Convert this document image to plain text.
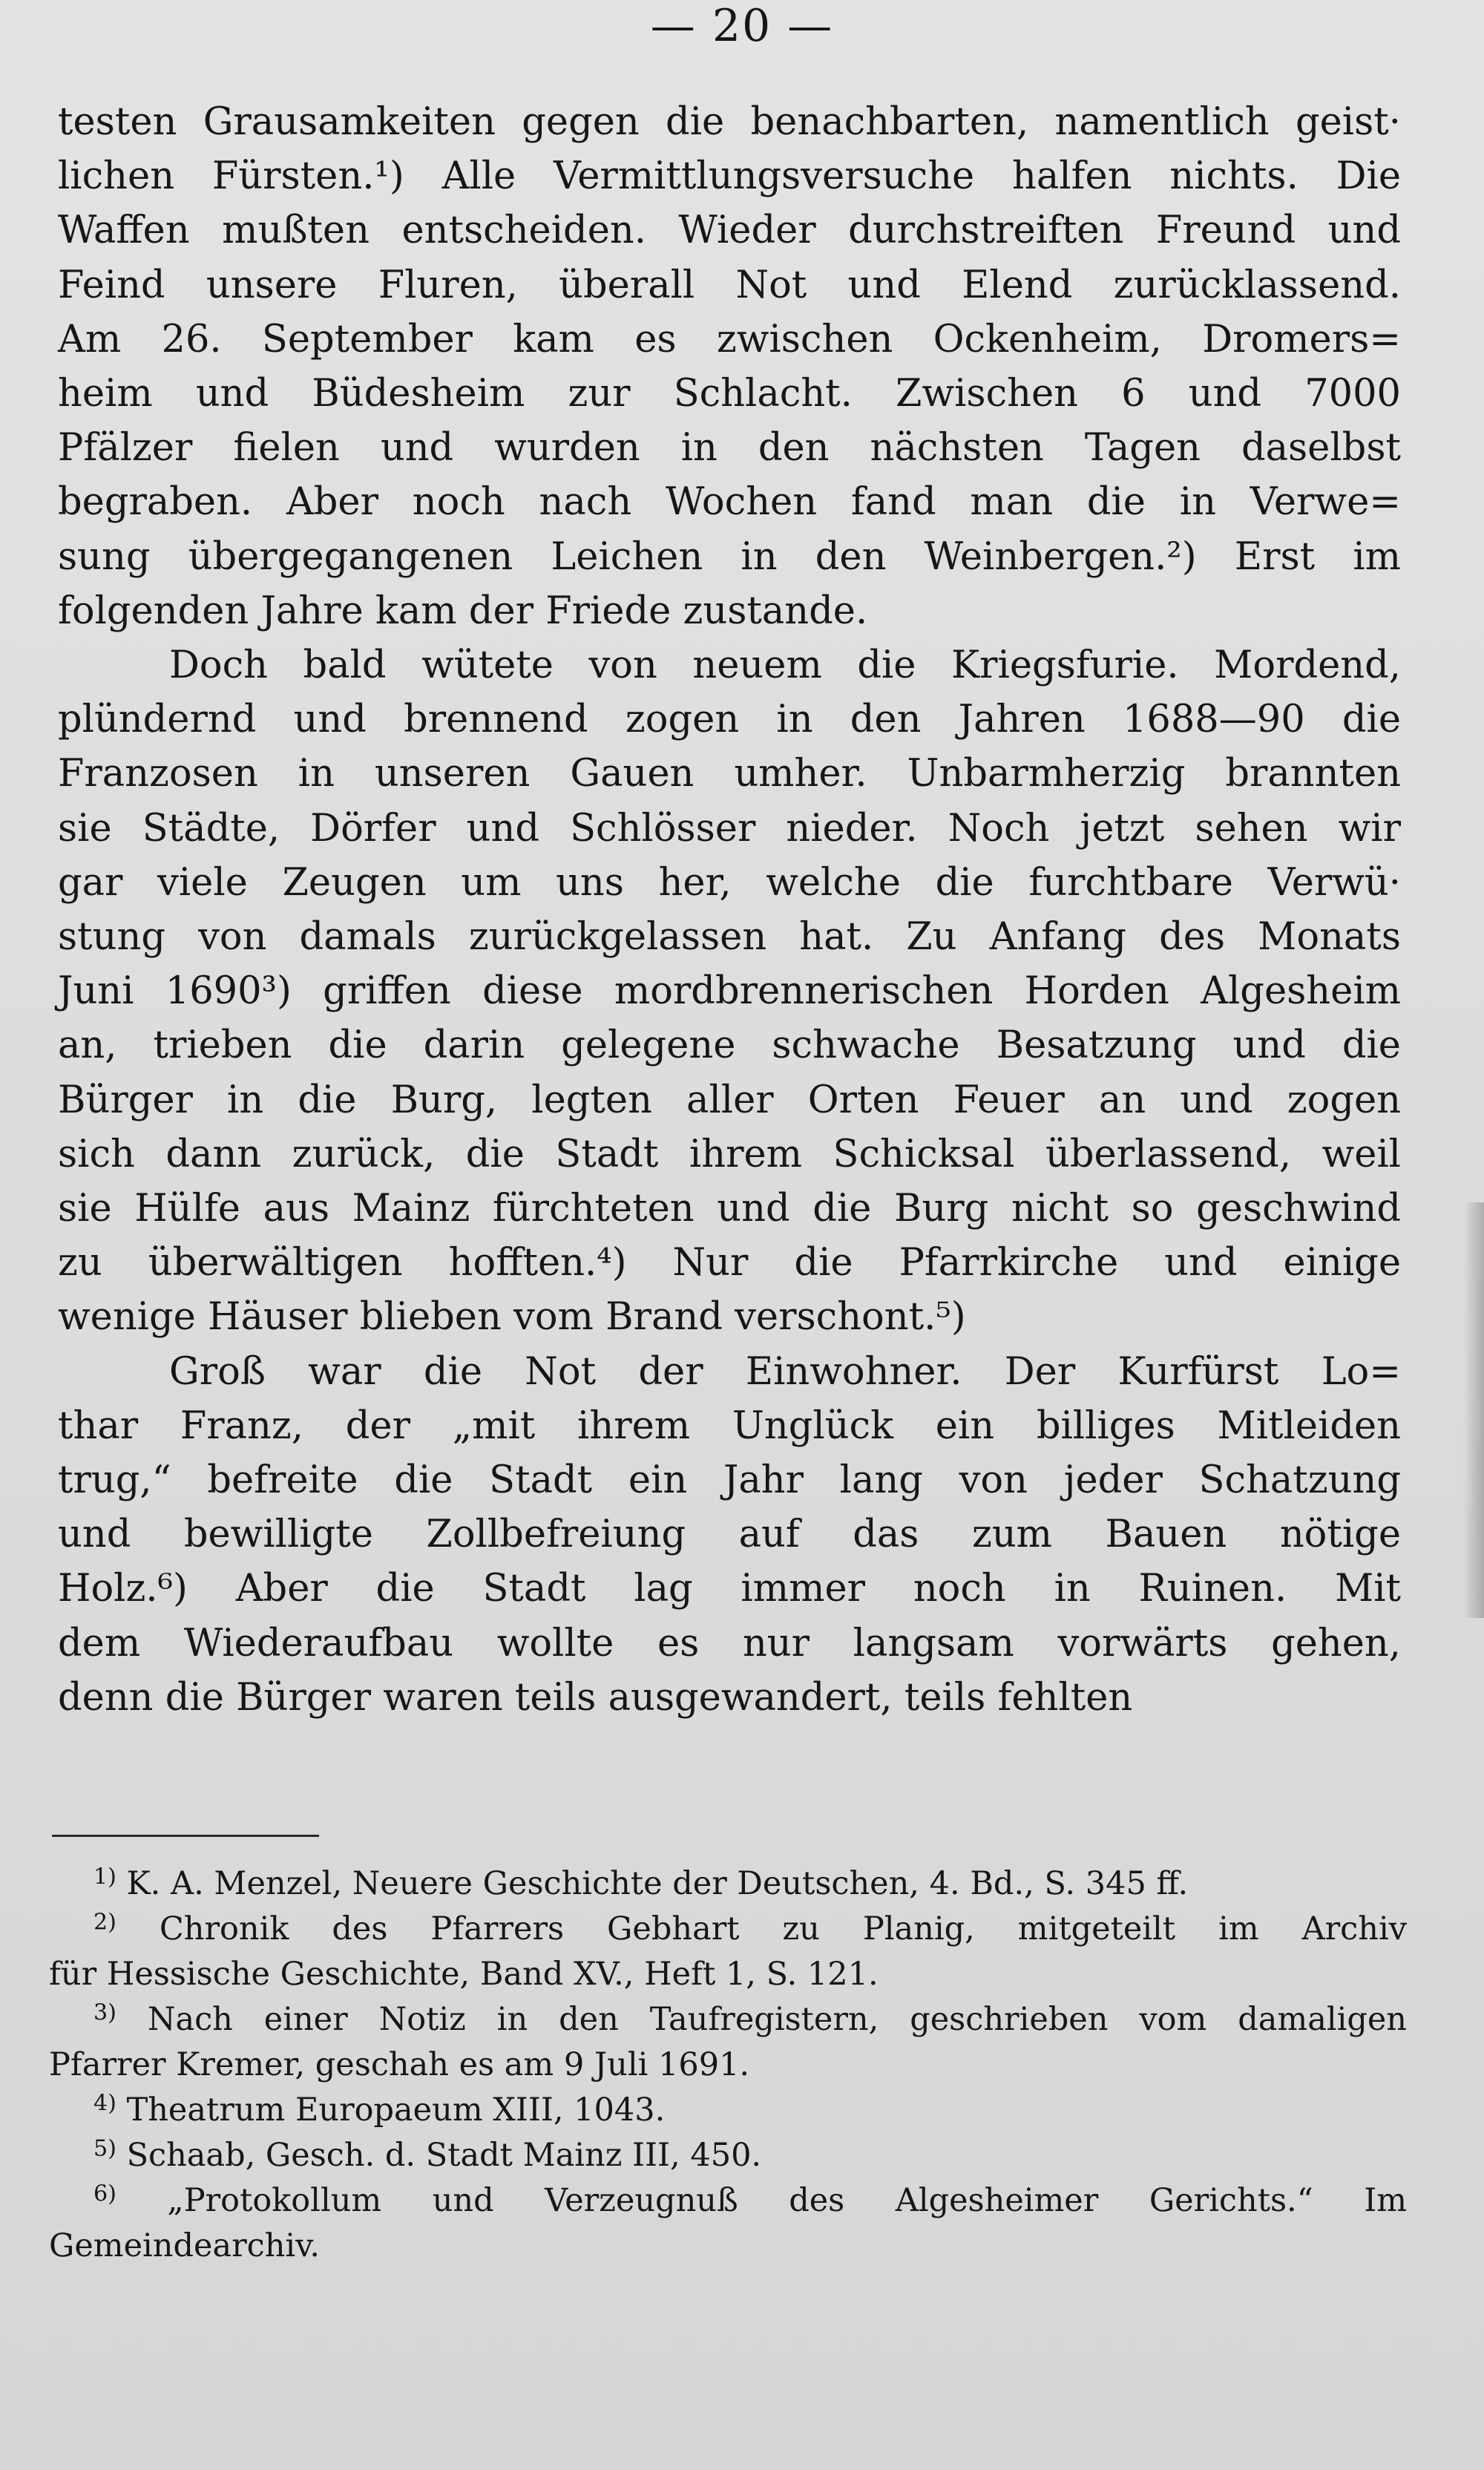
— 20 —

testen Grausamkeiten gegen die benachbarten, namentlich geist·
lichen Fürsten.¹) Alle Vermittlungsversuche halfen nichts. Die
Waffen mußten entscheiden. Wieder durchstreiften Freund und
Feind unsere Fluren, überall Not und Elend zurücklassend.
Am 26. September kam es zwischen Ockenheim, Dromers=
heim und Büdesheim zur Schlacht. Zwischen 6 und 7000
Pfälzer fielen und wurden in den nächsten Tagen daselbst
begraben. Aber noch nach Wochen fand man die in Verwe=
sung übergegangenen Leichen in den Weinbergen.²) Erst im
folgenden Jahre kam der Friede zustande.

Doch bald wütete von neuem die Kriegsfurie. Mordend,
plündernd und brennend zogen in den Jahren 1688—90 die
Franzosen in unseren Gauen umher. Unbarmherzig brannten
sie Städte, Dörfer und Schlösser nieder. Noch jetzt sehen wir
gar viele Zeugen um uns her, welche die furchtbare Verwü·
stung von damals zurückgelassen hat. Zu Anfang des Monats
Juni 1690³) griffen diese mordbrennerischen Horden Algesheim
an, trieben die darin gelegene schwache Besatzung und die
Bürger in die Burg, legten aller Orten Feuer an und zogen
sich dann zurück, die Stadt ihrem Schicksal überlassend, weil
sie Hülfe aus Mainz fürchteten und die Burg nicht so geschwind
zu überwältigen hofften.⁴) Nur die Pfarrkirche und einige
wenige Häuser blieben vom Brand verschont.⁵)

Groß war die Not der Einwohner. Der Kurfürst Lo=
thar Franz, der „mit ihrem Unglück ein billiges Mitleiden
trug,“ befreite die Stadt ein Jahr lang von jeder Schatzung
und bewilligte Zollbefreiung auf das zum Bauen nötige
Holz.⁶) Aber die Stadt lag immer noch in Ruinen. Mit
dem Wiederaufbau wollte es nur langsam vorwärts gehen,
denn die Bürger waren teils ausgewandert, teils fehlten

$^{1)}$ K. A. Menzel, Neuere Geschichte der Deutschen, 4. Bd., S. 345 ff.
$^{2)}$ Chronik des Pfarrers Gebhart zu Planig, mitgeteilt im Archiv
für Hessische Geschichte, Band XV., Heft 1, S. 121.
$^{3)}$ Nach einer Notiz in den Taufregistern, geschrieben vom damaligen
Pfarrer Kremer, geschah es am 9 Juli 1691.
$^{4)}$ Theatrum Europaeum XIII, 1043.
$^{5)}$ Schaab, Gesch. d. Stadt Mainz III, 450.
$^{6)}$ „Protokollum und Verzeugnuß des Algesheimer Gerichts.“ Im
Gemeindearchiv.
